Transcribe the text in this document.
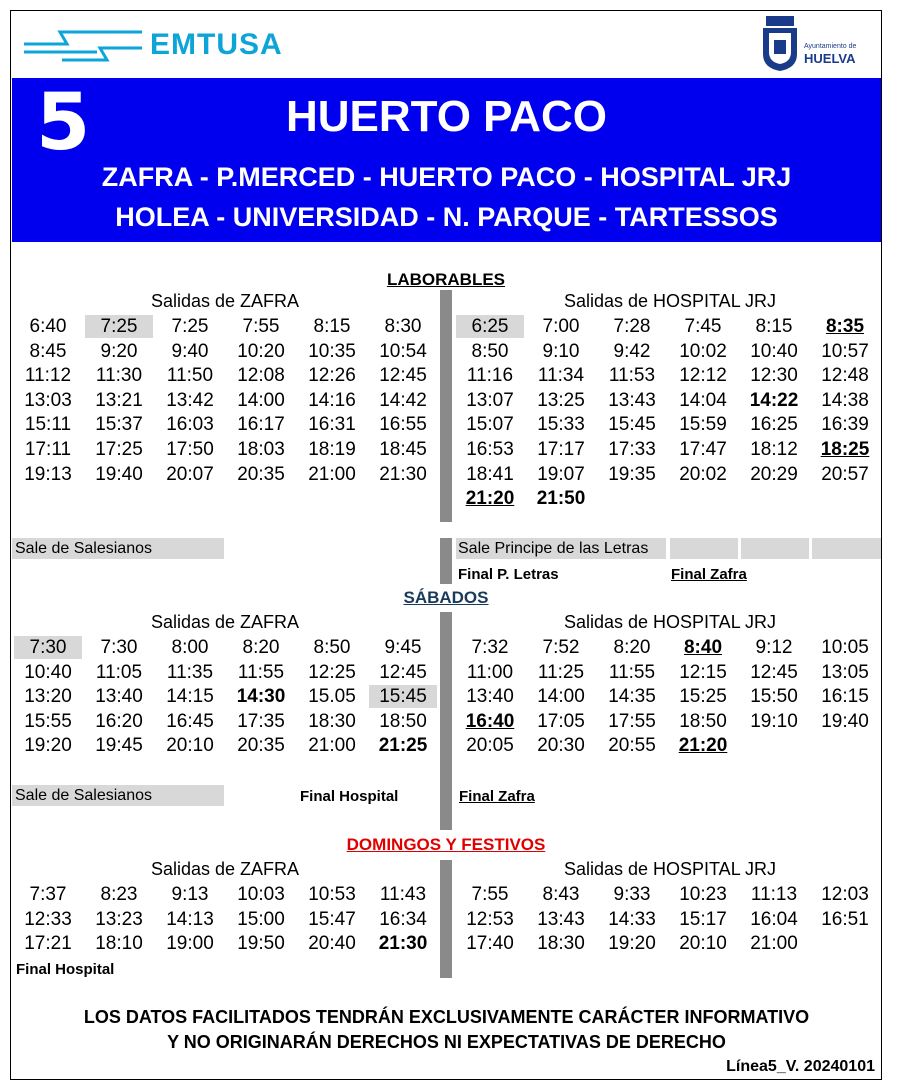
EMTUSA	Ayuntamiento de
HUELVA
5	HUERTO PACO
ZAFRA - P.MERCED - HUERTO PACO - HOSPITAL JRJ
HOLEA - UNIVERSIDAD - N. PARQUE - TARTESSOS
LABORABLES
Salidas de ZAFRA	Salidas de HOSPITAL JRJ
6:40	7:25	7:25	7:55	8:15	8:30
8:45	9:20	9:40	10:20	10:35	10:54
11:12	11:30	11:50	12:08	12:26	12:45
13:03	13:21	13:42	14:00	14:16	14:42
15:11	15:37	16:03	16:17	16:31	16:55
17:11	17:25	17:50	18:03	18:19	18:45
19:13	19:40	20:07	20:35	21:00	21:30
6:25	7:00	7:28	7:45	8:15	8:35
8:50	9:10	9:42	10:02	10:40	10:57
11:16	11:34	11:53	12:12	12:30	12:48
13:07	13:25	13:43	14:04	14:22	14:38
15:07	15:33	15:45	15:59	16:25	16:39
16:53	17:17	17:33	17:47	18:12	18:25
18:41	19:07	19:35	20:02	20:29	20:57
21:20	21:50
Sale de Salesianos	Sale Principe de las Letras
Final P. Letras	Final Zafra
SÁBADOS
Salidas de ZAFRA	Salidas de HOSPITAL JRJ
7:30	7:30	8:00	8:20	8:50	9:45
10:40	11:05	11:35	11:55	12:25	12:45
13:20	13:40	14:15	14:30	15.05	15:45
15:55	16:20	16:45	17:35	18:30	18:50
19:20	19:45	20:10	20:35	21:00	21:25
7:32	7:52	8:20	8:40	9:12	10:05
11:00	11:25	11:55	12:15	12:45	13:05
13:40	14:00	14:35	15:25	15:50	16:15
16:40	17:05	17:55	18:50	19:10	19:40
20:05	20:30	20:55	21:20
Sale de Salesianos	Final Hospital	Final Zafra
DOMINGOS Y FESTIVOS
Salidas de ZAFRA	Salidas de HOSPITAL JRJ
7:37	8:23	9:13	10:03	10:53	11:43
12:33	13:23	14:13	15:00	15:47	16:34
17:21	18:10	19:00	19:50	20:40	21:30
7:55	8:43	9:33	10:23	11:13	12:03
12:53	13:43	14:33	15:17	16:04	16:51
17:40	18:30	19:20	20:10	21:00
Final Hospital
LOS DATOS FACILITADOS TENDRÁN EXCLUSIVAMENTE CARÁCTER INFORMATIVO
Y NO ORIGINARÁN DERECHOS NI EXPECTATIVAS DE DERECHO
Línea5_V. 20240101
